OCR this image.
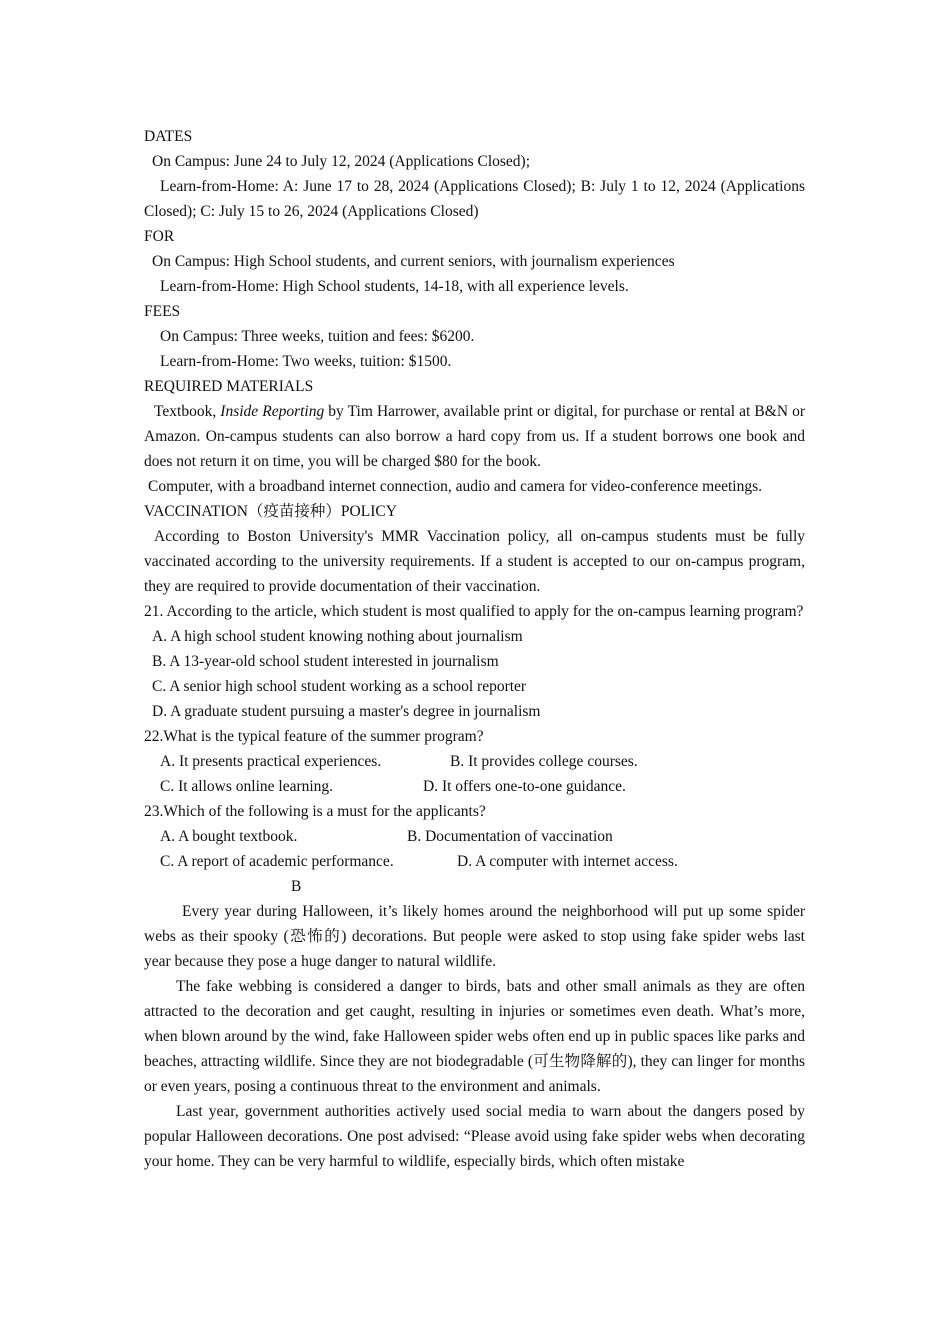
DATES
On Campus: June 24 to July 12, 2024 (Applications Closed);
Learn-from-Home: A: June 17 to 28, 2024 (Applications Closed); B: July 1 to 12, 2024 (Applications Closed); C: July 15 to 26, 2024 (Applications Closed)
FOR
On Campus: High School students, and current seniors, with journalism experiences
Learn-from-Home: High School students, 14-18, with all experience levels.
FEES
On Campus: Three weeks, tuition and fees: $6200.
Learn-from-Home: Two weeks, tuition: $1500.
REQUIRED MATERIALS
Textbook, Inside Reporting by Tim Harrower, available print or digital, for purchase or rental at B&N or Amazon. On-campus students can also borrow a hard copy from us. If a student borrows one book and does not return it on time, you will be charged $80 for the book.
Computer, with a broadband internet connection, audio and camera for video-conference meetings.
VACCINATION（疫苗接种）POLICY
According to Boston University's MMR Vaccination policy, all on-campus students must be fully vaccinated according to the university requirements. If a student is accepted to our on-campus program, they are required to provide documentation of their vaccination.
21. According to the article, which student is most qualified to apply for the on-campus learning program?
A. A high school student knowing nothing about journalism
B. A 13-year-old school student interested in journalism
C. A senior high school student working as a school reporter
D. A graduate student pursuing a master's degree in journalism
22.What is the typical feature of the summer program?
A. It presents practical experiences.	B. It provides college courses.
C. It allows online learning.	D. It offers one-to-one guidance.
23.Which of the following is a must for the applicants?
A. A bought textbook.	B. Documentation of vaccination
C. A report of academic performance.	D. A computer with internet access.
B
Every year during Halloween, it’s likely homes around the neighborhood will put up some spider webs as their spooky (恐怖的) decorations. But people were asked to stop using fake spider webs last year because they pose a huge danger to natural wildlife.
The fake webbing is considered a danger to birds, bats and other small animals as they are often attracted to the decoration and get caught, resulting in injuries or sometimes even death. What’s more, when blown around by the wind, fake Halloween spider webs often end up in public spaces like parks and beaches, attracting wildlife. Since they are not biodegradable (可生物降解的), they can linger for months or even years, posing a continuous threat to the environment and animals.
Last year, government authorities actively used social media to warn about the dangers posed by popular Halloween decorations. One post advised: “Please avoid using fake spider webs when decorating your home. They can be very harmful to wildlife, especially birds, which often mistake
